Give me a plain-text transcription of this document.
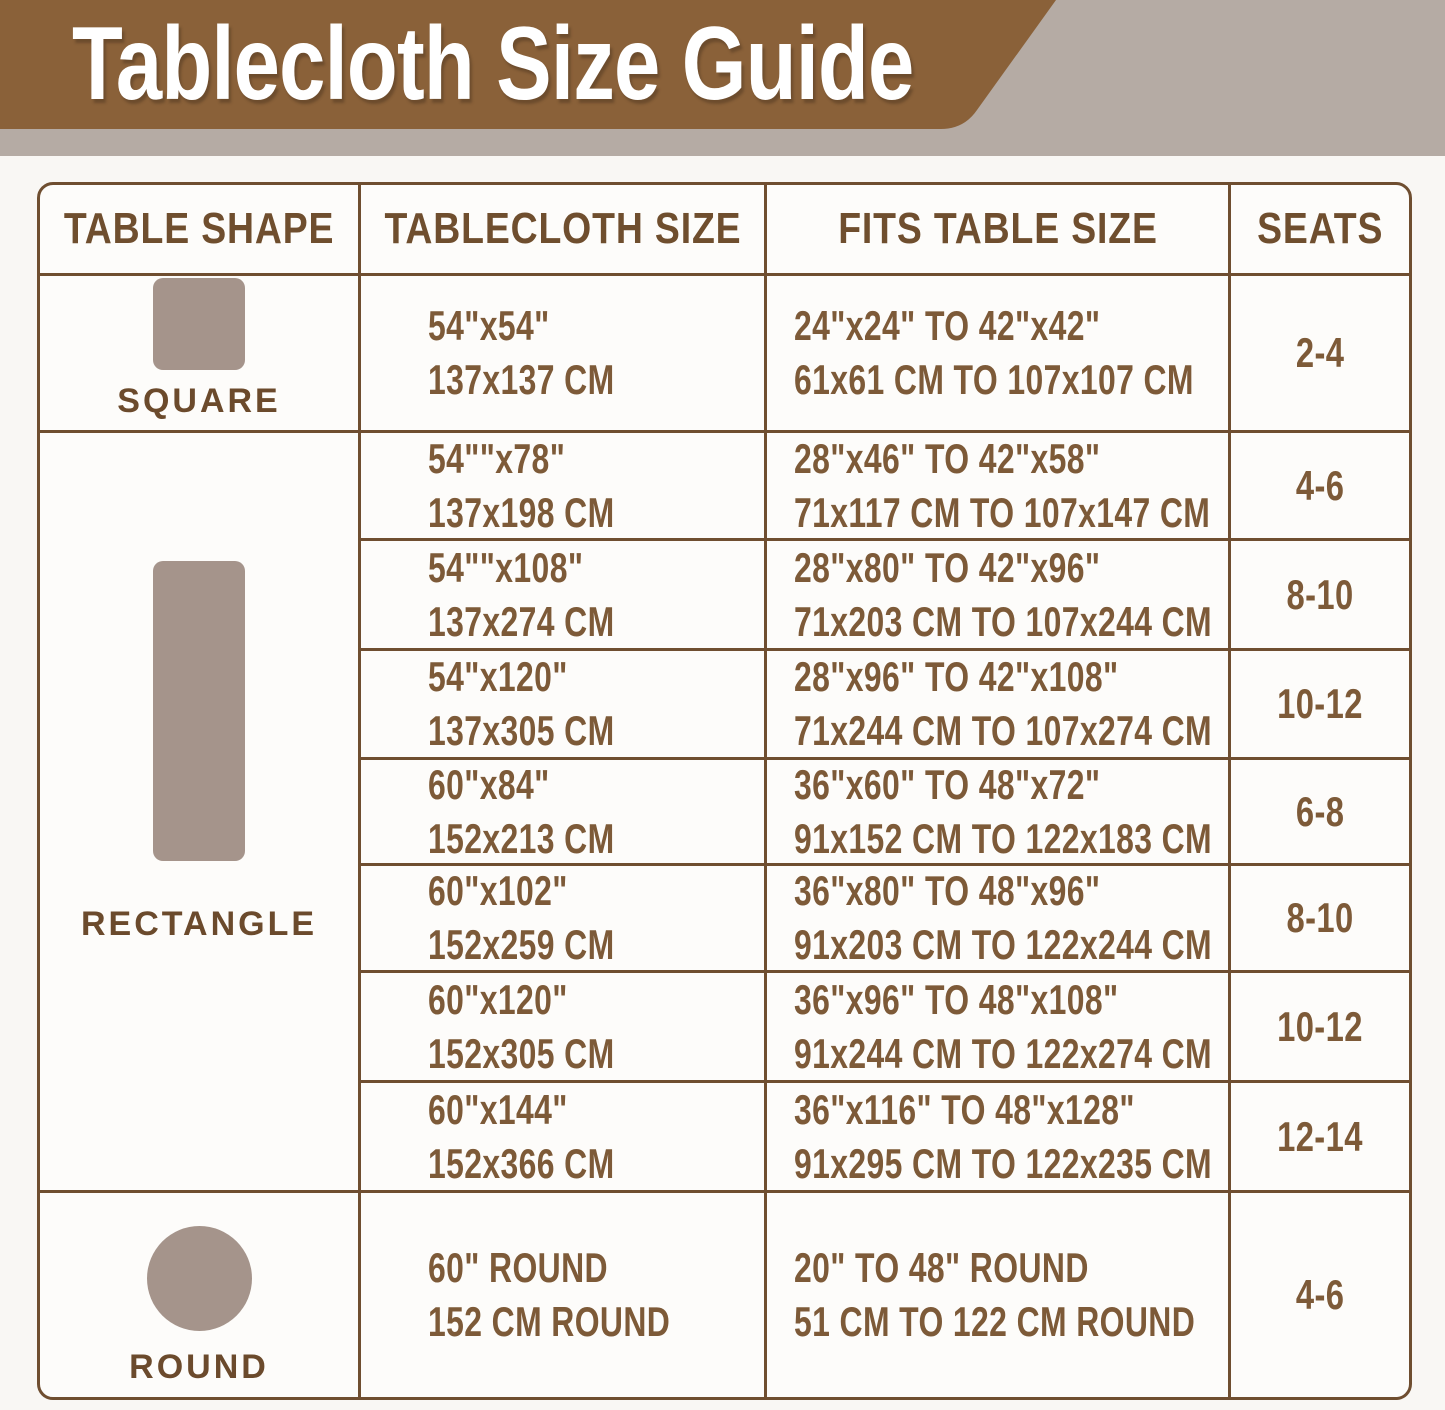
Tablecloth Size Guide
TABLE SHAPE TABLECLOTH SIZE FITS TABLE SIZE SEATS
SQUARE
54"x54"
137x137 CM
24"x24" TO 42"x42"
61x61 CM TO 107x107 CM
2-4
RECTANGLE
54""x78"
137x198 CM
28"x46" TO 42"x58"
71x117 CM TO 107x147 CM
4-6
54""x108"
137x274 CM
28"x80" TO 42"x96"
71x203 CM TO 107x244 CM
8-10
54"x120"
137x305 CM
28"x96" TO 42"x108"
71x244 CM TO 107x274 CM
10-12
60"x84"
152x213 CM
36"x60" TO 48"x72"
91x152 CM TO 122x183 CM
6-8
60"x102"
152x259 CM
36"x80" TO 48"x96"
91x203 CM TO 122x244 CM
8-10
60"x120"
152x305 CM
36"x96" TO 48"x108"
91x244 CM TO 122x274 CM
10-12
60"x144"
152x366 CM
36"x116" TO 48"x128"
91x295 CM TO 122x235 CM
12-14
ROUND
60" ROUND
152 CM ROUND
20" TO 48" ROUND
51 CM TO 122 CM ROUND
4-6
